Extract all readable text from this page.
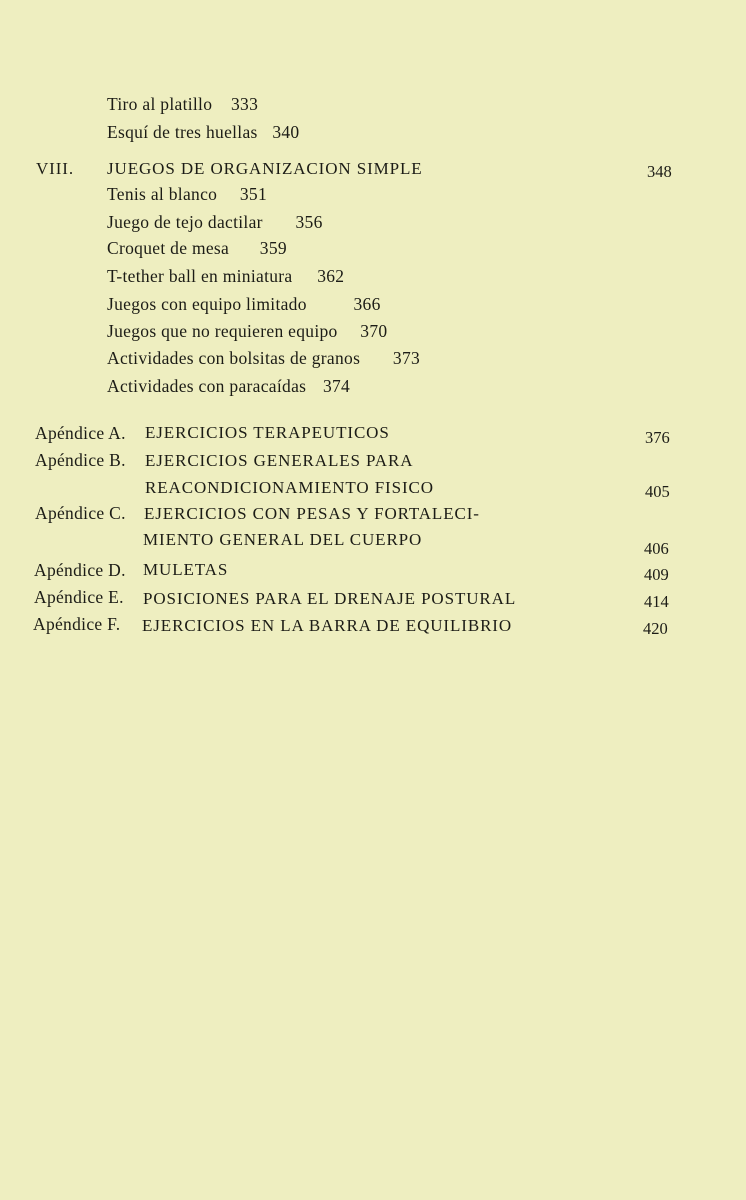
Tiro al platillo 333
Esquí de tres huellas 340
VIII. JUEGOS DE ORGANIZACION SIMPLE	348
Tenis al blanco 351
Juego de tejo dactilar 356
Croquet de mesa 359
T-tether ball en miniatura 362
Juegos con equipo limitado	366
Juegos que no requieren equipo 370
Actividades con bolsitas de granos 373
Actividades con paracaídas 374
Apéndice A. EJERCICIOS TERAPEUTICOS	376
Apéndice B. EJERCICIOS GENERALES PARA
REACONDICIONAMIENTO FISICO	405
Apéndice C. EJERCICIOS CON PESAS Y FORTALECI-
MIENTO GENERAL DEL CUERPO	406
Apéndice D. MULETAS	409
Apéndice E. POSICIONES PARA EL DRENAJE POSTURAL	414
Apéndice F. EJERCICIOS EN LA BARRA DE EQUILIBRIO	420
